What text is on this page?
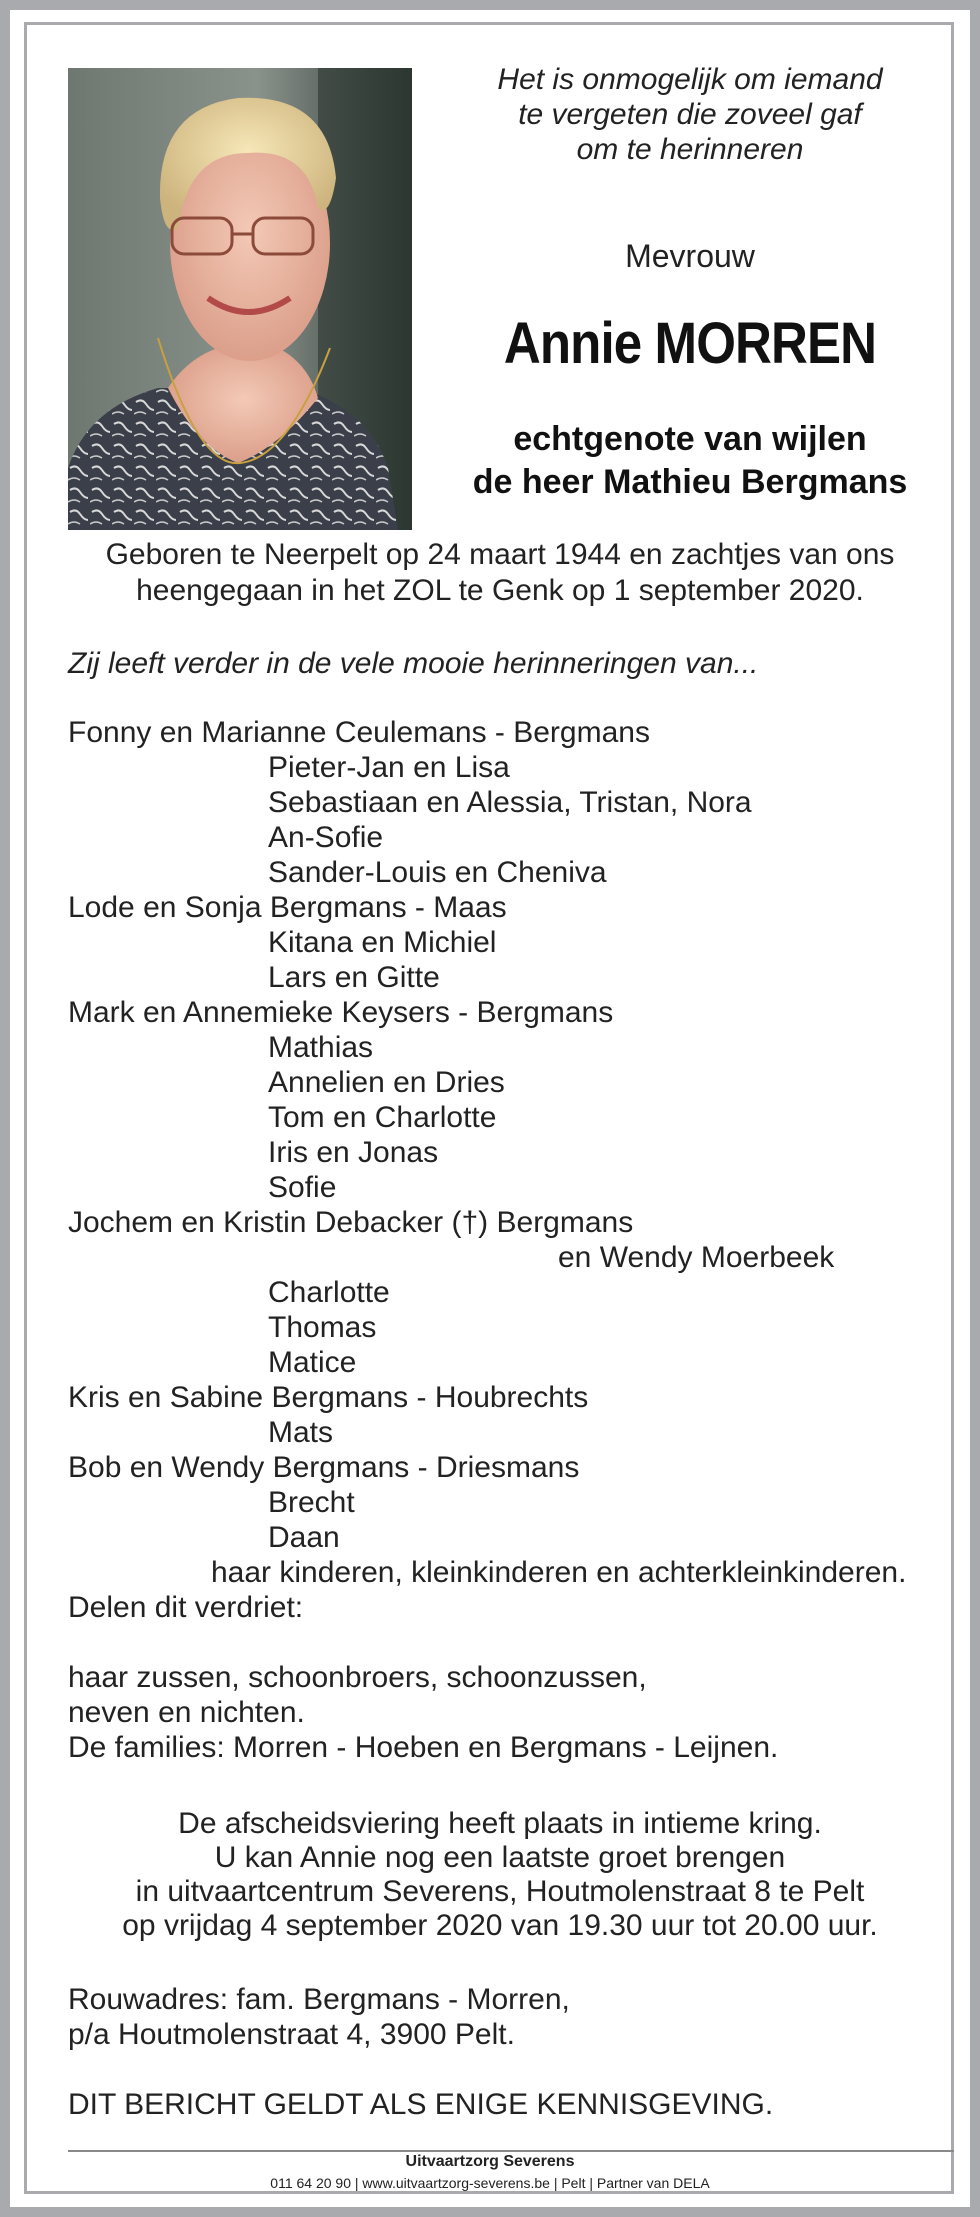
Het is onmogelijk om iemand
te vergeten die zoveel gaf
om te herinneren
Mevrouw
Annie MORREN
echtgenote van wijlen
de heer Mathieu Bergmans
Geboren te Neerpelt op 24 maart 1944 en zachtjes van ons
heengegaan in het ZOL te Genk op 1 september 2020.
Zij leeft verder in de vele mooie herinneringen van...
Fonny en Marianne Ceulemans - Bergmans
Pieter-Jan en Lisa
Sebastiaan en Alessia, Tristan, Nora
An-Sofie
Sander-Louis en Cheniva
Lode en Sonja Bergmans - Maas
Kitana en Michiel
Lars en Gitte
Mark en Annemieke Keysers - Bergmans
Mathias
Annelien en Dries
Tom en Charlotte
Iris en Jonas
Sofie
Jochem en Kristin Debacker (†) Bergmans
en Wendy Moerbeek
Charlotte
Thomas
Matice
Kris en Sabine Bergmans - Houbrechts
Mats
Bob en Wendy Bergmans - Driesmans
Brecht
Daan
haar kinderen, kleinkinderen en achterkleinkinderen.
Delen dit verdriet:
haar zussen, schoonbroers, schoonzussen,
neven en nichten.
De families: Morren - Hoeben en Bergmans - Leijnen.
De afscheidsviering heeft plaats in intieme kring.
U kan Annie nog een laatste groet brengen
in uitvaartcentrum Severens, Houtmolenstraat 8 te Pelt
op vrijdag 4 september 2020 van 19.30 uur tot 20.00 uur.
Rouwadres: fam. Bergmans - Morren,
p/a Houtmolenstraat 4, 3900 Pelt.
DIT BERICHT GELDT ALS ENIGE KENNISGEVING.
Uitvaartzorg Severens
011 64 20 90 | www.uitvaartzorg-severens.be | Pelt | Partner van DELA
